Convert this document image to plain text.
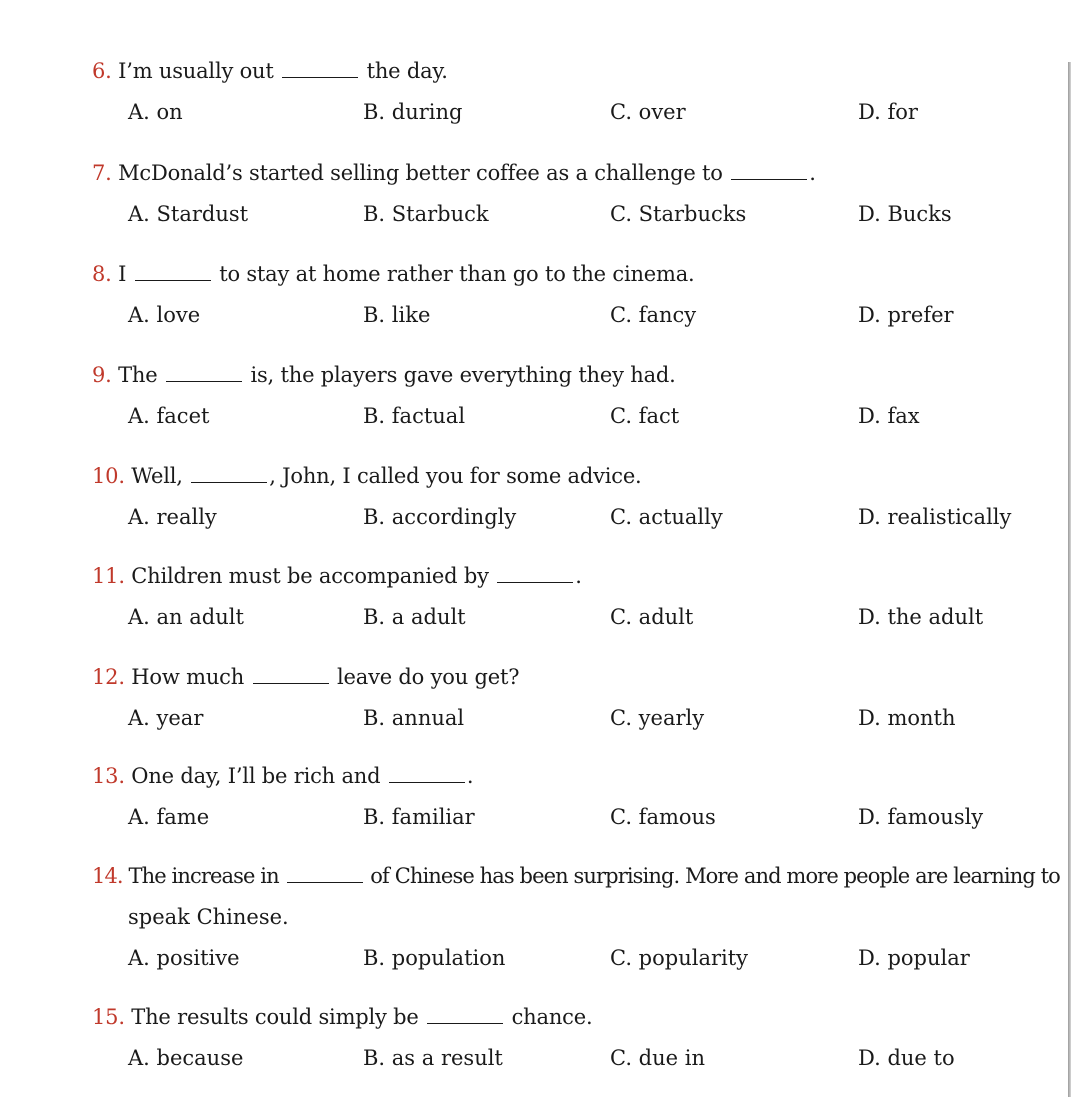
6. I’m usually out	the day.
A. on	B. during	C. over	D. for
7. McDonald’s started selling better coffee as a challenge to	.
A. Stardust	B. Starbuck	C. Starbucks	D. Bucks
8. I	to stay at home rather than go to the cinema.
A. love	B. like	C. fancy	D. prefer
9. The	is, the players gave everything they had.
A. facet	B. factual	C. fact	D. fax
10. Well,	, John, I called you for some advice.
A. really	B. accordingly	C. actually	D. realistically
11. Children must be accompanied by	.
A. an adult	B. a adult	C. adult	D. the adult
12. How much	leave do you get?
A. year	B. annual	C. yearly	D. month
13. One day, I’ll be rich and	.
A. fame	B. familiar	C. famous	D. famously
14. The increase in	of Chinese has been surprising. More and more people are learning to
speak Chinese.
A. positive	B. population	C. popularity	D. popular
15. The results could simply be	chance.
A. because	B. as a result	C. due in	D. due to
